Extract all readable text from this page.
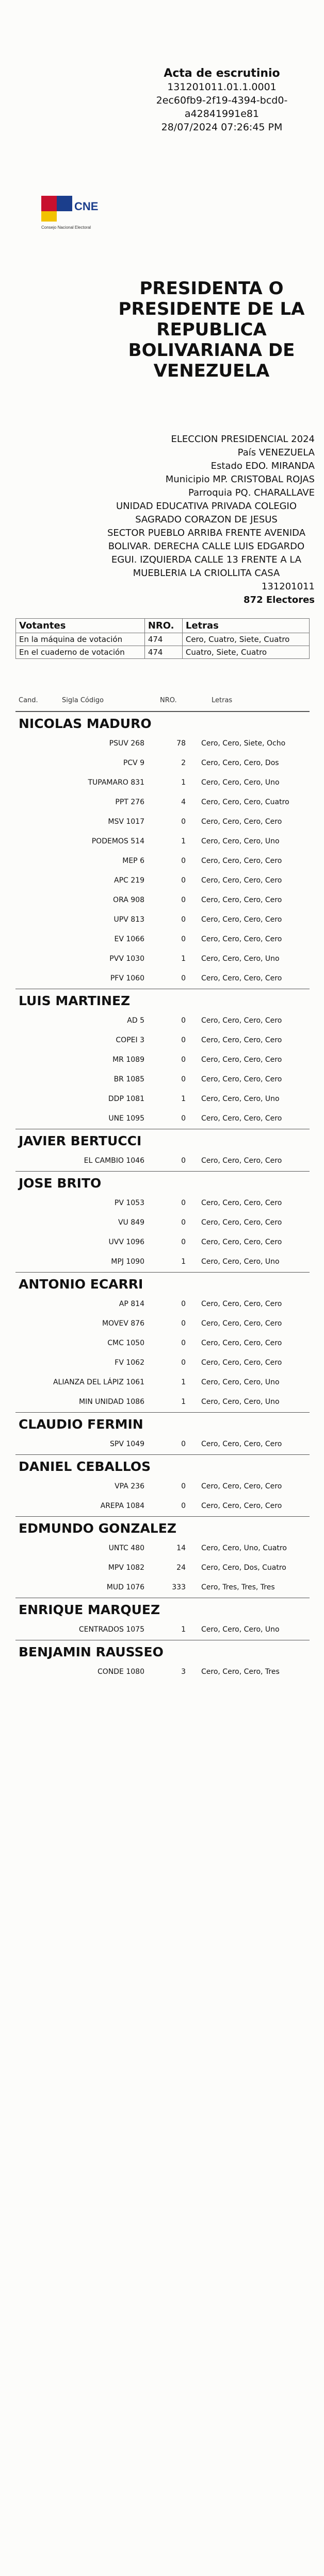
CNE
Consejo Nacional Electoral
Acta de escrutinio
131201011.01.1.0001
2ec60fb9-2f19-4394-bcd0-
a42841991e81
28/07/2024 07:26:45 PM
PRESIDENTA O PRESIDENTE DE LA REPUBLICA BOLIVARIANA DE VENEZUELA
ELECCION PRESIDENCIAL 2024
País VENEZUELA
Estado EDO. MIRANDA
Municipio MP. CRISTOBAL ROJAS
Parroquia PQ. CHARALLAVE
UNIDAD EDUCATIVA PRIVADA COLEGIO SAGRADO CORAZON DE JESUS
SECTOR PUEBLO ARRIBA FRENTE AVENIDA BOLIVAR. DERECHA CALLE LUIS EDGARDO EGUI. IZQUIERDA CALLE 13 FRENTE A LA MUEBLERIA LA CRIOLLITA CASA
131201011
872 Electores
Votantes	NRO.	Letras
En la máquina de votación	474	Cero, Cuatro, Siete, Cuatro
En el cuaderno de votación	474	Cuatro, Siete, Cuatro
Cand.	Sigla Código	NRO.	Letras
NICOLAS MADURO
PSUV 268	78 Cero, Cero, Siete, Ocho
PCV 9	2 Cero, Cero, Cero, Dos
TUPAMARO 831	1 Cero, Cero, Cero, Uno
PPT 276	4 Cero, Cero, Cero, Cuatro
MSV 1017	0 Cero, Cero, Cero, Cero
PODEMOS 514	1 Cero, Cero, Cero, Uno
MEP 6	0 Cero, Cero, Cero, Cero
APC 219	0 Cero, Cero, Cero, Cero
ORA 908	0 Cero, Cero, Cero, Cero
UPV 813	0 Cero, Cero, Cero, Cero
EV 1066	0 Cero, Cero, Cero, Cero
PVV 1030	1 Cero, Cero, Cero, Uno
PFV 1060	0 Cero, Cero, Cero, Cero
LUIS MARTINEZ
AD 5	0 Cero, Cero, Cero, Cero
COPEI 3	0 Cero, Cero, Cero, Cero
MR 1089	0 Cero, Cero, Cero, Cero
BR 1085	0 Cero, Cero, Cero, Cero
DDP 1081	1 Cero, Cero, Cero, Uno
UNE 1095	0 Cero, Cero, Cero, Cero
JAVIER BERTUCCI
EL CAMBIO 1046	0 Cero, Cero, Cero, Cero
JOSE BRITO
PV 1053	0 Cero, Cero, Cero, Cero
VU 849	0 Cero, Cero, Cero, Cero
UVV 1096	0 Cero, Cero, Cero, Cero
MPJ 1090	1 Cero, Cero, Cero, Uno
ANTONIO ECARRI
AP 814	0 Cero, Cero, Cero, Cero
MOVEV 876	0 Cero, Cero, Cero, Cero
CMC 1050	0 Cero, Cero, Cero, Cero
FV 1062	0 Cero, Cero, Cero, Cero
ALIANZA DEL LÁPIZ 1061	1 Cero, Cero, Cero, Uno
MIN UNIDAD 1086	1 Cero, Cero, Cero, Uno
CLAUDIO FERMIN
SPV 1049	0 Cero, Cero, Cero, Cero
DANIEL CEBALLOS
VPA 236	0 Cero, Cero, Cero, Cero
AREPA 1084	0 Cero, Cero, Cero, Cero
EDMUNDO GONZALEZ
UNTC 480	14 Cero, Cero, Uno, Cuatro
MPV 1082	24 Cero, Cero, Dos, Cuatro
MUD 1076	333 Cero, Tres, Tres, Tres
ENRIQUE MARQUEZ
CENTRADOS 1075	1 Cero, Cero, Cero, Uno
BENJAMIN RAUSSEO
CONDE 1080	3 Cero, Cero, Cero, Tres
